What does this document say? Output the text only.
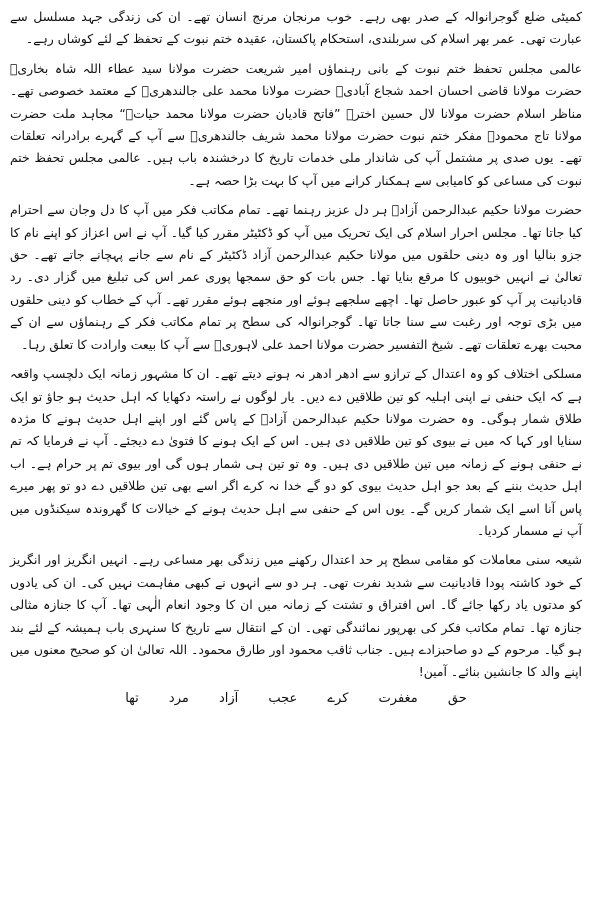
کمیٹی ضلع گوجرانوالہ کے صدر بھی رہے۔ خوب مرنجان مرنج انسان تھے۔ ان کی زندگی جہد مسلسل سے عبارت تھی۔ عمر بھر اسلام کی سربلندی، استحکام پاکستان، عقیدہ ختم نبوت کے تحفظ کے لئے کوشاں رہے۔

عالمی مجلس تحفظ ختم نبوت کے بانی رہنماؤں امیر شریعت حضرت مولانا سید عطاء اللہ شاہ بخاریؒ حضرت مولانا قاضی احسان احمد شجاع آبادیؒ حضرت مولانا محمد علی جالندھریؒ کے معتمد خصوصی تھے۔ مناظر اسلام حضرت مولانا لال حسین اخترؒ ”فاتح قادیان حضرت مولانا محمد حیاتؒ“ مجاہد ملت حضرت مولانا تاج محمودؒ مفکر ختم نبوت حضرت مولانا محمد شریف جالندھریؒ سے آپ کے گہرے برادرانہ تعلقات تھے۔ یوں صدی پر مشتمل آپ کی شاندار ملی خدمات تاریخ کا درخشندہ باب ہیں۔ عالمی مجلس تحفظ ختم نبوت کی مساعی کو کامیابی سے ہمکنار کرانے میں آپ کا بہت بڑا حصہ ہے۔

حضرت مولانا حکیم عبدالرحمن آزادؒ ہر دل عزیز رہنما تھے۔ تمام مکاتب فکر میں آپ کا دل وجان سے احترام کیا جاتا تھا۔ مجلس احرار اسلام کی ایک تحریک میں آپ کو ڈکٹیٹر مقرر کیا گیا۔ آپ نے اس اعزاز کو اپنے نام کا جزو بنالیا اور وہ دینی حلقوں میں مولانا حکیم عبدالرحمن آزاد ڈکٹیٹر کے نام سے جانے پہچانے جاتے تھے۔ حق تعالیٰ نے انہیں خوبیوں کا مرقع بنایا تھا۔ جس بات کو حق سمجھا پوری عمر اس کی تبلیغ میں گزار دی۔ رد قادیانیت پر آپ کو عبور حاصل تھا۔ اچھے سلجھے ہوئے اور منجھے ہوئے مقرر تھے۔ آپ کے خطاب کو دینی حلقوں میں بڑی توجہ اور رغبت سے سنا جاتا تھا۔ گوجرانوالہ کی سطح پر تمام مکاتب فکر کے رہنماؤں سے ان کے محبت بھرے تعلقات تھے۔ شیخ التفسیر حضرت مولانا احمد علی لاہوریؒ سے آپ کا بیعت وارادت کا تعلق رہا۔

مسلکی اختلاف کو وہ اعتدال کے ترازو سے ادھر ادھر نہ ہونے دیتے تھے۔ ان کا مشہور زمانہ ایک دلچسپ واقعہ ہے کہ ایک حنفی نے اپنی اہلیہ کو تین طلاقیں دے دیں۔ یار لوگوں نے راستہ دکھایا کہ اہل حدیث ہو جاؤ تو ایک طلاق شمار ہوگی۔ وہ حضرت مولانا حکیم عبدالرحمن آزادؒ کے پاس گئے اور اپنے اہل حدیث ہونے کا مژدہ سنایا اور کہا کہ میں نے بیوی کو تین طلاقیں دی ہیں۔ اس کے ایک ہونے کا فتویٰ دے دیجئے۔ آپ نے فرمایا کہ تم نے حنفی ہونے کے زمانہ میں تین طلاقیں دی ہیں۔ وہ تو تین ہی شمار ہوں گی اور بیوی تم پر حرام ہے۔ اب اہل حدیث بننے کے بعد جو اہل حدیث بیوی کو دو گے خدا نہ کرے اگر اسے بھی تین طلاقیں دے دو تو پھر میرے پاس آنا اسے ایک شمار کریں گے۔ یوں اس کے حنفی سے اہل حدیث ہونے کے خیالات کا گھروندہ سیکنڈوں میں آپ نے مسمار کردیا۔

شیعہ سنی معاملات کو مقامی سطح پر حد اعتدال رکھنے میں زندگی بھر مساعی رہے۔ انہیں انگریز اور انگریز کے خود کاشتہ پودا قادیانیت سے شدید نفرت تھی۔ ہر دو سے انہوں نے کبھی مفاہمت نہیں کی۔ ان کی یادوں کو مدتوں یاد رکھا جائے گا۔ اس افتراق و تشتت کے زمانہ میں ان کا وجود انعام الٰہی تھا۔ آپ کا جنازہ مثالی جنازہ تھا۔ تمام مکاتب فکر کی بھرپور نمائندگی تھی۔ ان کے انتقال سے تاریخ کا سنہری باب ہمیشہ کے لئے بند ہو گیا۔ مرحوم کے دو صاحبزادے ہیں۔ جناب ثاقب محمود اور طارق محمود۔ اللہ تعالیٰ ان کو صحیح معنوں میں اپنے والد کا جانشین بنائے۔ آمین!

حق مغفرت کرے عجب آزاد مرد تھا
